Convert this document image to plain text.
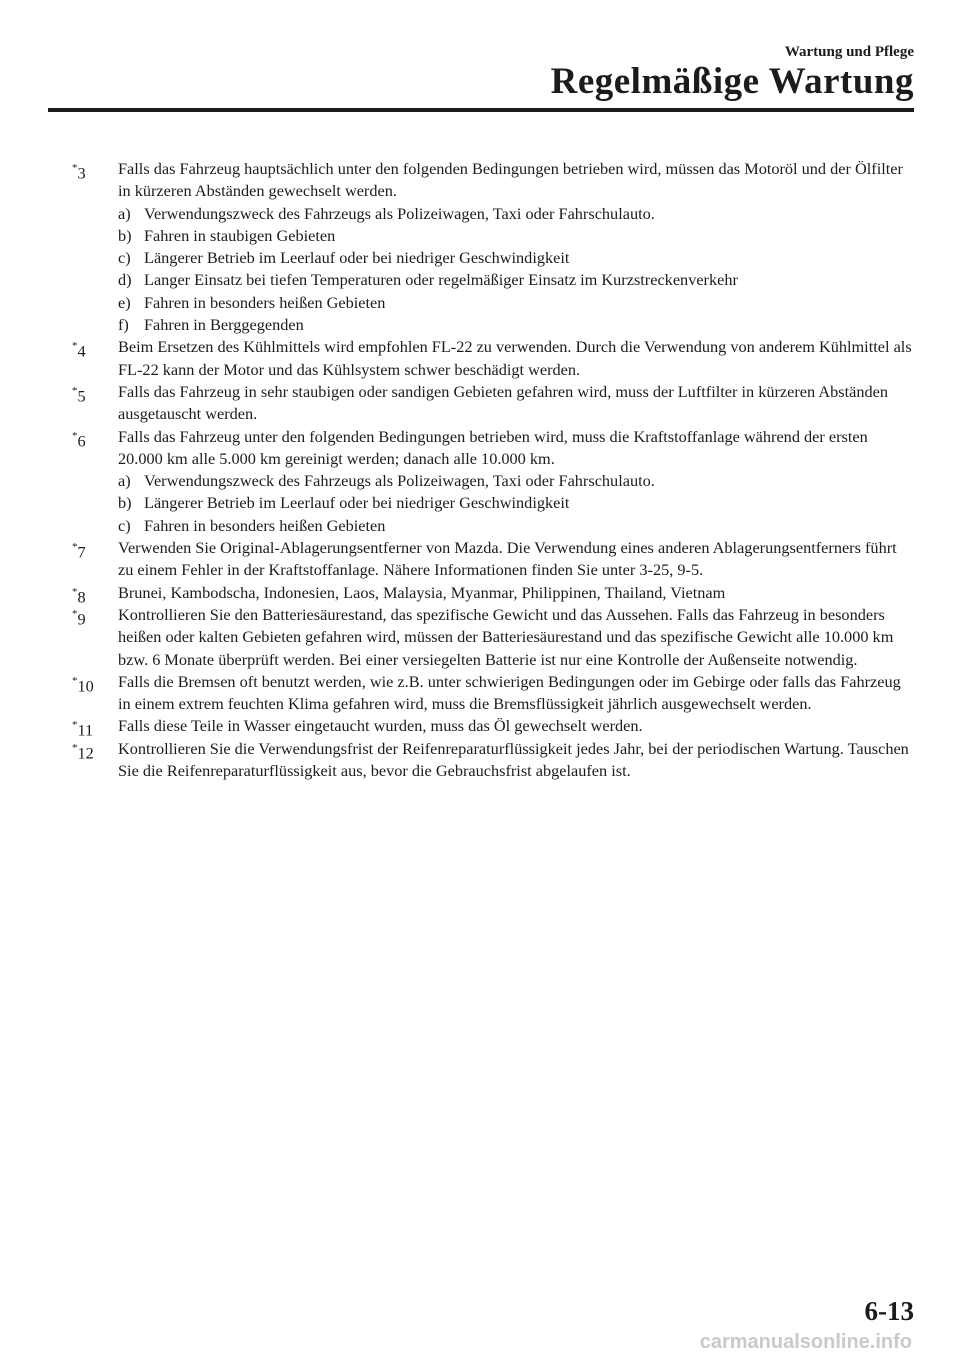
Wartung und Pflege
Regelmäßige Wartung
*3 Falls das Fahrzeug hauptsächlich unter den folgenden Bedingungen betrieben wird, müssen das Motoröl und der Ölfilter in kürzeren Abständen gewechselt werden.
a) Verwendungszweck des Fahrzeugs als Polizeiwagen, Taxi oder Fahrschulauto.
b) Fahren in staubigen Gebieten
c) Längerer Betrieb im Leerlauf oder bei niedriger Geschwindigkeit
d) Langer Einsatz bei tiefen Temperaturen oder regelmäßiger Einsatz im Kurzstreckenverkehr
e) Fahren in besonders heißen Gebieten
f) Fahren in Berggegenden
*4 Beim Ersetzen des Kühlmittels wird empfohlen FL-22 zu verwenden. Durch die Verwendung von anderem Kühlmittel als FL-22 kann der Motor und das Kühlsystem schwer beschädigt werden.
*5 Falls das Fahrzeug in sehr staubigen oder sandigen Gebieten gefahren wird, muss der Luftfilter in kürzeren Abständen ausgetauscht werden.
*6 Falls das Fahrzeug unter den folgenden Bedingungen betrieben wird, muss die Kraftstoffanlage während der ersten 20.000 km alle 5.000 km gereinigt werden; danach alle 10.000 km.
a) Verwendungszweck des Fahrzeugs als Polizeiwagen, Taxi oder Fahrschulauto.
b) Längerer Betrieb im Leerlauf oder bei niedriger Geschwindigkeit
c) Fahren in besonders heißen Gebieten
*7 Verwenden Sie Original-Ablagerungsentferner von Mazda. Die Verwendung eines anderen Ablagerungsentferners führt zu einem Fehler in der Kraftstoffanlage. Nähere Informationen finden Sie unter 3-25, 9-5.
*8 Brunei, Kambodscha, Indonesien, Laos, Malaysia, Myanmar, Philippinen, Thailand, Vietnam
*9 Kontrollieren Sie den Batteriesäurestand, das spezifische Gewicht und das Aussehen. Falls das Fahrzeug in besonders heißen oder kalten Gebieten gefahren wird, müssen der Batteriesäurestand und das spezifische Gewicht alle 10.000 km bzw. 6 Monate überprüft werden. Bei einer versiegelten Batterie ist nur eine Kontrolle der Außenseite notwendig.
*10 Falls die Bremsen oft benutzt werden, wie z.B. unter schwierigen Bedingungen oder im Gebirge oder falls das Fahrzeug in einem extrem feuchten Klima gefahren wird, muss die Bremsflüssigkeit jährlich ausgewechselt werden.
*11 Falls diese Teile in Wasser eingetaucht wurden, muss das Öl gewechselt werden.
*12 Kontrollieren Sie die Verwendungsfrist der Reifenreparaturflüssigkeit jedes Jahr, bei der periodischen Wartung. Tauschen Sie die Reifenreparaturflüssigkeit aus, bevor die Gebrauchsfrist abgelaufen ist.
6-13
carmanualsonline.info
